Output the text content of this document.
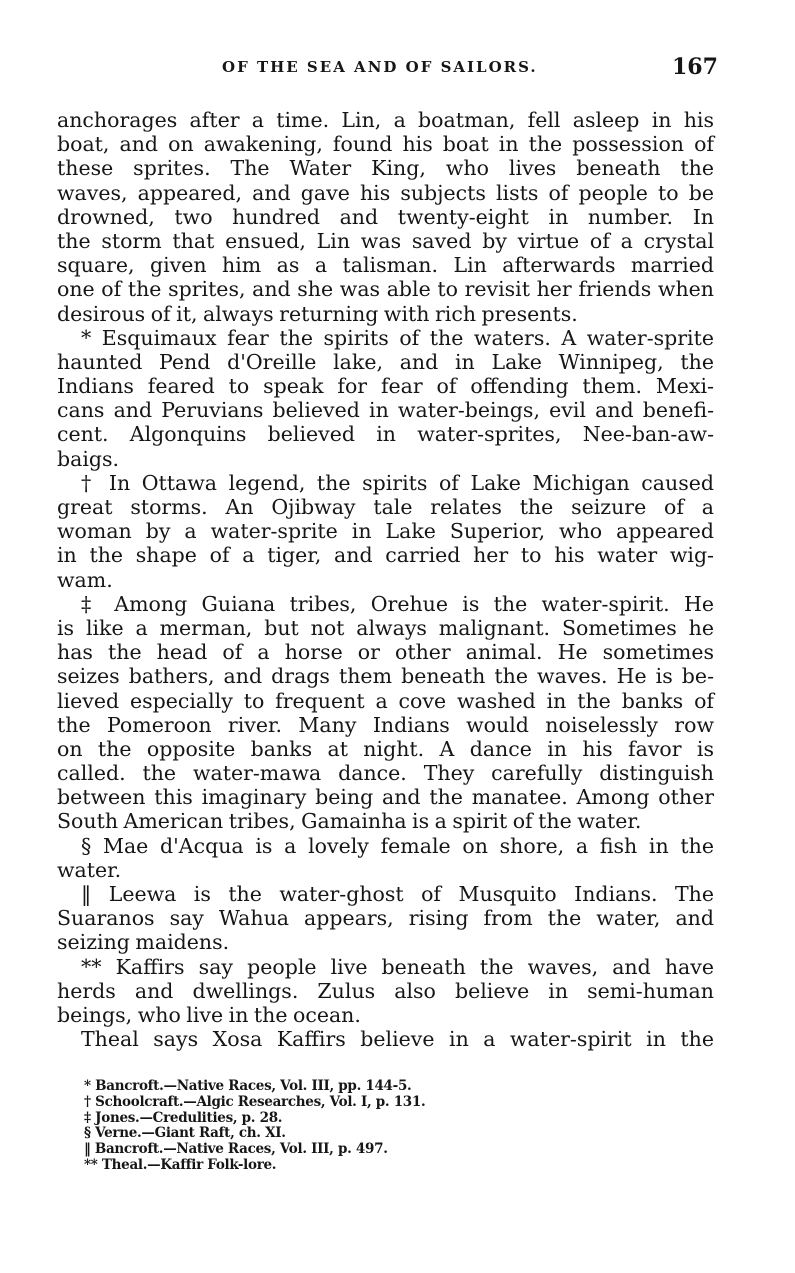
OF THE SEA AND OF SAILORS.	167
anchorages after a time. Lin, a boatman, fell asleep in his
boat, and on awakening, found his boat in the possession of
these sprites. The Water King, who lives beneath the
waves, appeared, and gave his subjects lists of people to be
drowned, two hundred and twenty-eight in number. In
the storm that ensued, Lin was saved by virtue of a crystal
square, given him as a talisman. Lin afterwards married
one of the sprites, and she was able to revisit her friends when
desirous of it, always returning with rich presents.
* Esquimaux fear the spirits of the waters. A water-sprite
haunted Pend d'Oreille lake, and in Lake Winnipeg, the
Indians feared to speak for fear of offending them. Mexi-
cans and Peruvians believed in water-beings, evil and benefi-
cent. Algonquins believed in water-sprites, Nee-ban-aw-
baigs.
† In Ottawa legend, the spirits of Lake Michigan caused
great storms. An Ojibway tale relates the seizure of a
woman by a water-sprite in Lake Superior, who appeared
in the shape of a tiger, and carried her to his water wig-
wam.
‡ Among Guiana tribes, Orehue is the water-spirit. He
is like a merman, but not always malignant. Sometimes he
has the head of a horse or other animal. He sometimes
seizes bathers, and drags them beneath the waves. He is be-
lieved especially to frequent a cove washed in the banks of
the Pomeroon river. Many Indians would noiselessly row
on the opposite banks at night. A dance in his favor is
called. the water-mawa dance. They carefully distinguish
between this imaginary being and the manatee. Among other
South American tribes, Gamainha is a spirit of the water.
§ Mae d'Acqua is a lovely female on shore, a fish in the
water.
‖ Leewa is the water-ghost of Musquito Indians. The
Suaranos say Wahua appears, rising from the water, and
seizing maidens.
** Kaffirs say people live beneath the waves, and have
herds and dwellings. Zulus also believe in semi-human
beings, who live in the ocean.
Theal says Xosa Kaffirs believe in a water-spirit in the
* Bancroft.—Native Races, Vol. III, pp. 144-5.
† Schoolcraft.—Algic Researches, Vol. I, p. 131.
‡ Jones.—Credulities, p. 28.
§ Verne.—Giant Raft, ch. XI.
‖ Bancroft.—Native Races, Vol. III, p. 497.
** Theal.—Kaffir Folk-lore.
